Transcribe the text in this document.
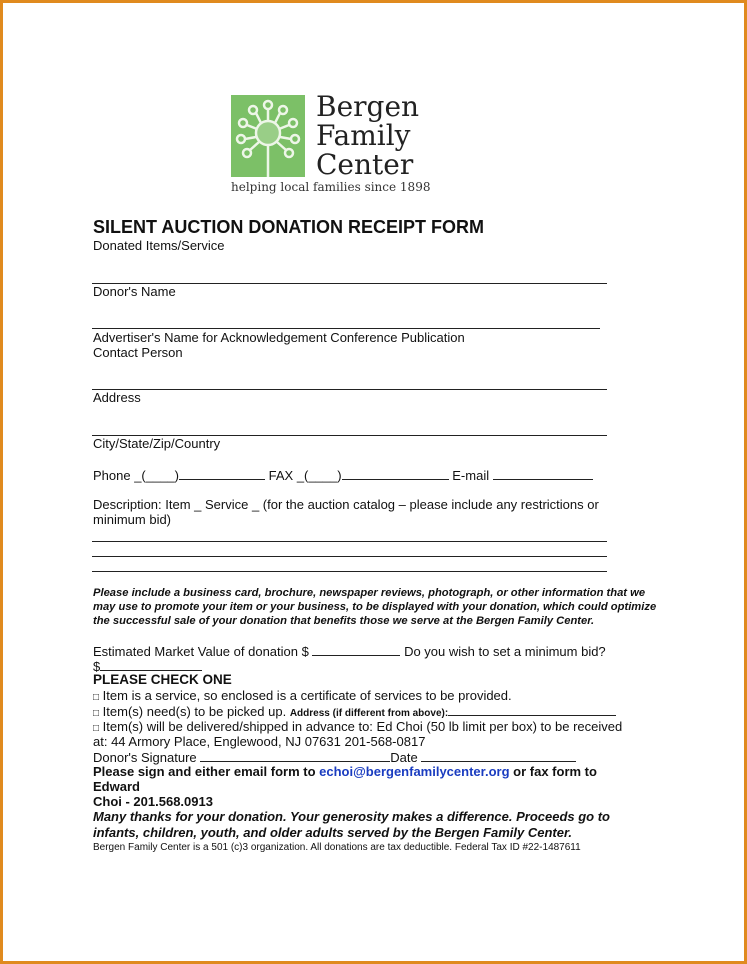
Bergen
Family
Center
helping local families since 1898
SILENT AUCTION DONATION RECEIPT FORM
Donated Items/Service
Donor's Name
Advertiser's Name for Acknowledgement Conference Publication
Contact Person
Address
City/State/Zip/Country
Phone _(____)	FAX _(____)	E-mail
Description: Item _ Service _ (for the auction catalog – please include any restrictions or
minimum bid)
Please include a business card, brochure, newspaper reviews, photograph, or other information that we may use to promote your item or your business, to be displayed with your donation, which could optimize the successful sale of your donation that benefits those we serve at the Bergen Family Center.
Estimated Market Value of donation $	Do you wish to set a minimum bid?
$
PLEASE CHECK ONE
□ Item is a service, so enclosed is a certificate of services to be provided.
□ Item(s) need(s) to be picked up. Address (if different from above):
□ Item(s) will be delivered/shipped in advance to: Ed Choi (50 lb limit per box) to be received
at: 44 Armory Place, Englewood, NJ 07631 201-568-0817
Donor's Signature	Date
Please sign and either email form to echoi@bergenfamilycenter.org or fax form to
Edward
Choi - 201.568.0913
Many thanks for your donation. Your generosity makes a difference. Proceeds go to
infants, children, youth, and older adults served by the Bergen Family Center.
Bergen Family Center is a 501 (c)3 organization. All donations are tax deductible. Federal Tax ID #22-1487611
